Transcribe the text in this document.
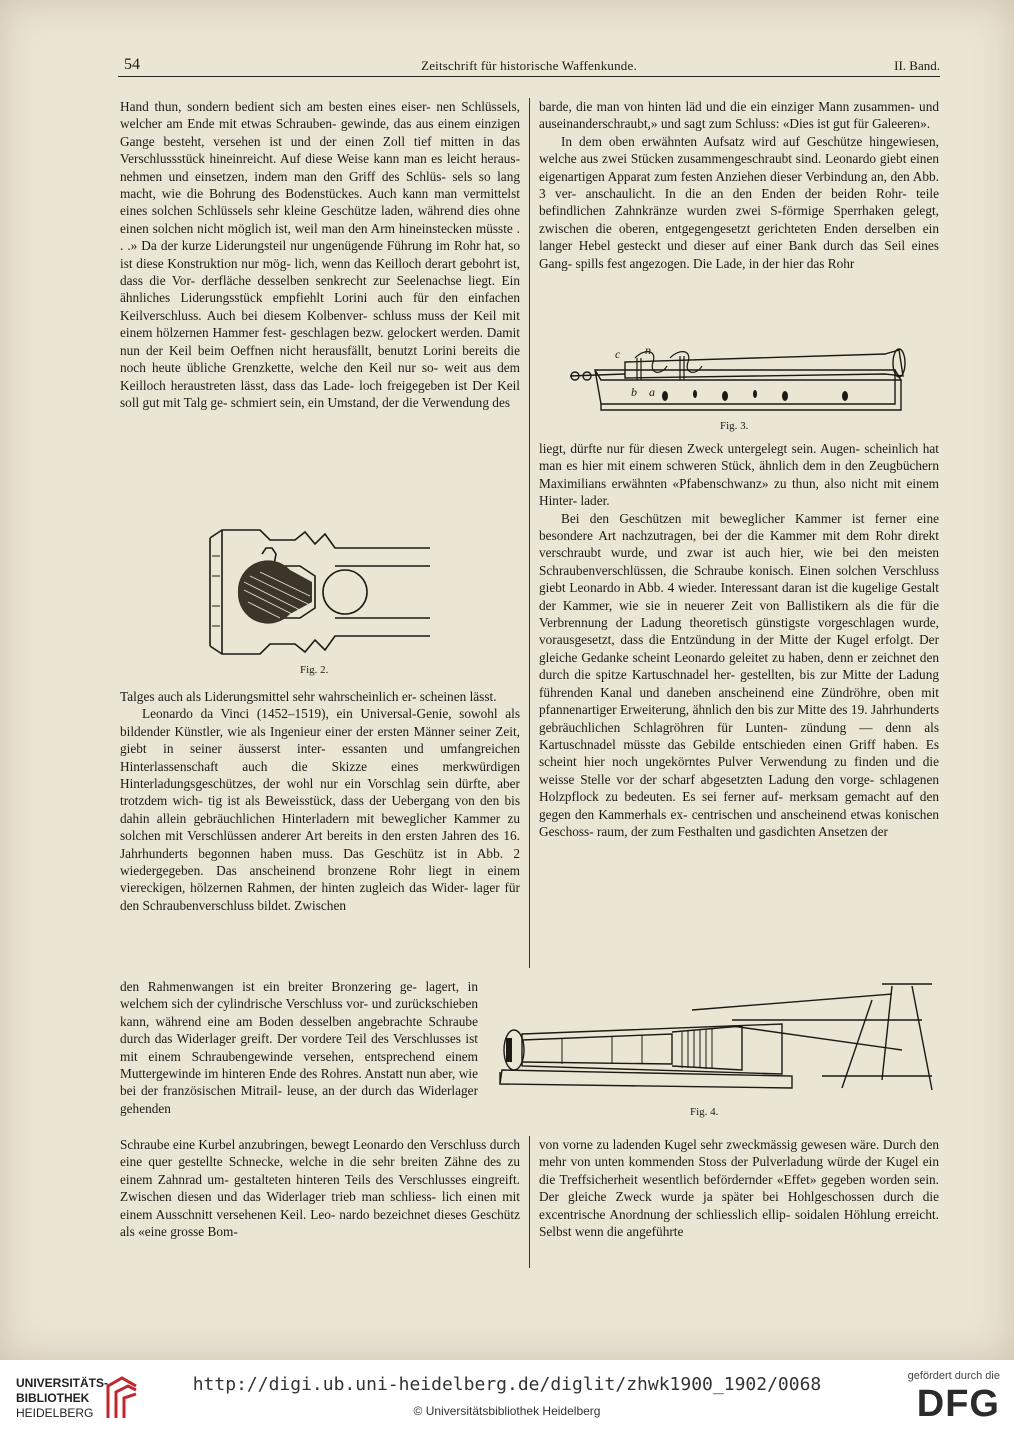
54	Zeitschrift für historische Waffenkunde.	II. Band.

Hand thun, sondern bedient sich am besten eines eiser- nen Schlüssels, welcher am Ende mit etwas Schrauben- gewinde, das aus einem einzigen Gange besteht, versehen ist und der einen Zoll tief mitten in das Verschlussstück hineinreicht. Auf diese Weise kann man es leicht heraus- nehmen und einsetzen, indem man den Griff des Schlüs- sels so lang macht, wie die Bohrung des Bodenstückes. Auch kann man vermittelst eines solchen Schlüssels sehr kleine Geschütze laden, während dies ohne einen solchen nicht möglich ist, weil man den Arm hineinstecken müsste . . .» Da der kurze Liderungsteil nur ungenügende Führung im Rohr hat, so ist diese Konstruktion nur mög- lich, wenn das Keilloch derart gebohrt ist, dass die Vor- derfläche desselben senkrecht zur Seelenachse liegt. Ein ähnliches Liderungsstück empfiehlt Lorini auch für den einfachen Keilverschluss. Auch bei diesem Kolbenver- schluss muss der Keil mit einem hölzernen Hammer fest- geschlagen bezw. gelockert werden. Damit nun der Keil beim Oeffnen nicht herausfällt, benutzt Lorini bereits die noch heute übliche Grenzkette, welche den Keil nur so- weit aus dem Keilloch heraustreten lässt, dass das Lade- loch freigegeben ist Der Keil soll gut mit Talg ge- schmiert sein, ein Umstand, der die Verwendung des

Fig. 2.

Talges auch als Liderungsmittel sehr wahrscheinlich er- scheinen lässt.

Leonardo da Vinci (1452–1519), ein Universal-Genie, sowohl als bildender Künstler, wie als Ingenieur einer der ersten Männer seiner Zeit, giebt in seiner äusserst inter- essanten und umfangreichen Hinterlassenschaft auch die Skizze eines merkwürdigen Hinterladungsgeschützes, der wohl nur ein Vorschlag sein dürfte, aber trotzdem wich- tig ist als Beweisstück, dass der Uebergang von den bis dahin allein gebräuchlichen Hinterladern mit beweglicher Kammer zu solchen mit Verschlüssen anderer Art bereits in den ersten Jahren des 16. Jahrhunderts begonnen haben muss. Das Geschütz ist in Abb. 2 wiedergegeben. Das anscheinend bronzene Rohr liegt in einem viereckigen, hölzernen Rahmen, der hinten zugleich das Wider- lager für den Schraubenverschluss bildet. Zwischen

den Rahmenwangen ist ein breiter Bronzering ge- lagert, in welchem sich der cylindrische Verschluss vor- und zurückschieben kann, während eine am Boden desselben angebrachte Schraube durch das Widerlager greift. Der vordere Teil des Verschlusses ist mit einem Schraubengewinde versehen, entsprechend einem Muttergewinde im hinteren Ende des Rohres. Anstatt nun aber, wie bei der französischen Mitrail- leuse, an der durch das Widerlager gehenden

Schraube eine Kurbel anzubringen, bewegt Leonardo den Verschluss durch eine quer gestellte Schnecke, welche in die sehr breiten Zähne des zu einem Zahnrad um- gestalteten hinteren Teils des Verschlusses eingreift. Zwischen diesen und das Widerlager trieb man schliess- lich einen mit einem Ausschnitt versehenen Keil. Leo- nardo bezeichnet dieses Geschütz als «eine grosse Bom-

barde, die man von hinten läd und die ein einziger Mann zusammen- und auseinanderschraubt,» und sagt zum Schluss: «Dies ist gut für Galeeren».

In dem oben erwähnten Aufsatz wird auf Geschütze hingewiesen, welche aus zwei Stücken zusammengeschraubt sind. Leonardo giebt einen eigenartigen Apparat zum festen Anziehen dieser Verbindung an, den Abb. 3 ver- anschaulicht. In die an den Enden der beiden Rohr- teile befindlichen Zahnkränze wurden zwei S-förmige Sperrhaken gelegt, zwischen die oberen, entgegengesetzt gerichteten Enden derselben ein langer Hebel gesteckt und dieser auf einer Bank durch das Seil eines Gang- spills fest angezogen. Die Lade, in der hier das Rohr

c n
b a
Fig. 3.

liegt, dürfte nur für diesen Zweck untergelegt sein. Augen- scheinlich hat man es hier mit einem schweren Stück, ähnlich dem in den Zeugbüchern Maximilians erwähnten «Pfabenschwanz» zu thun, also nicht mit einem Hinter- lader.

Bei den Geschützen mit beweglicher Kammer ist ferner eine besondere Art nachzutragen, bei der die Kammer mit dem Rohr direkt verschraubt wurde, und zwar ist auch hier, wie bei den meisten Schraubenverschlüssen, die Schraube konisch. Einen solchen Verschluss giebt Leonardo in Abb. 4 wieder. Interessant daran ist die kugelige Gestalt der Kammer, wie sie in neuerer Zeit von Ballistikern als die für die Verbrennung der Ladung theoretisch günstigste vorgeschlagen wurde, vorausgesetzt, dass die Entzündung in der Mitte der Kugel erfolgt. Der gleiche Gedanke scheint Leonardo geleitet zu haben, denn er zeichnet den durch die spitze Kartuschnadel her- gestellten, bis zur Mitte der Ladung führenden Kanal und daneben anscheinend eine Zündröhre, oben mit pfannenartiger Erweiterung, ähnlich den bis zur Mitte des 19. Jahrhunderts gebräuchlichen Schlagröhren für Lunten- zündung — denn als Kartuschnadel müsste das Gebilde entschieden einen Griff haben. Es scheint hier noch ungekörntes Pulver Verwendung zu finden und die weisse Stelle vor der scharf abgesetzten Ladung den vorge- schlagenen Holzpflock zu bedeuten. Es sei ferner auf- merksam gemacht auf den gegen den Kammerhals ex- centrischen und anscheinend etwas konischen Geschoss- raum, der zum Festhalten und gasdichten Ansetzen der

Fig. 4.

von vorne zu ladenden Kugel sehr zweckmässig gewesen wäre. Durch den mehr von unten kommenden Stoss der Pulverladung würde der Kugel ein die Treffsicherheit wesentlich befördernder «Effet» gegeben worden sein. Der gleiche Zweck wurde ja später bei Hohlgeschossen durch die excentrische Anordnung der schliesslich ellip- soidalen Höhlung erreicht. Selbst wenn die angeführte

UNIVERSITÄTS-
BIBLIOTHEK
HEIDELBERG
http://digi.ub.uni-heidelberg.de/diglit/zhwk1900_1902/0068
© Universitätsbibliothek Heidelberg
gefördert durch die
DFG
